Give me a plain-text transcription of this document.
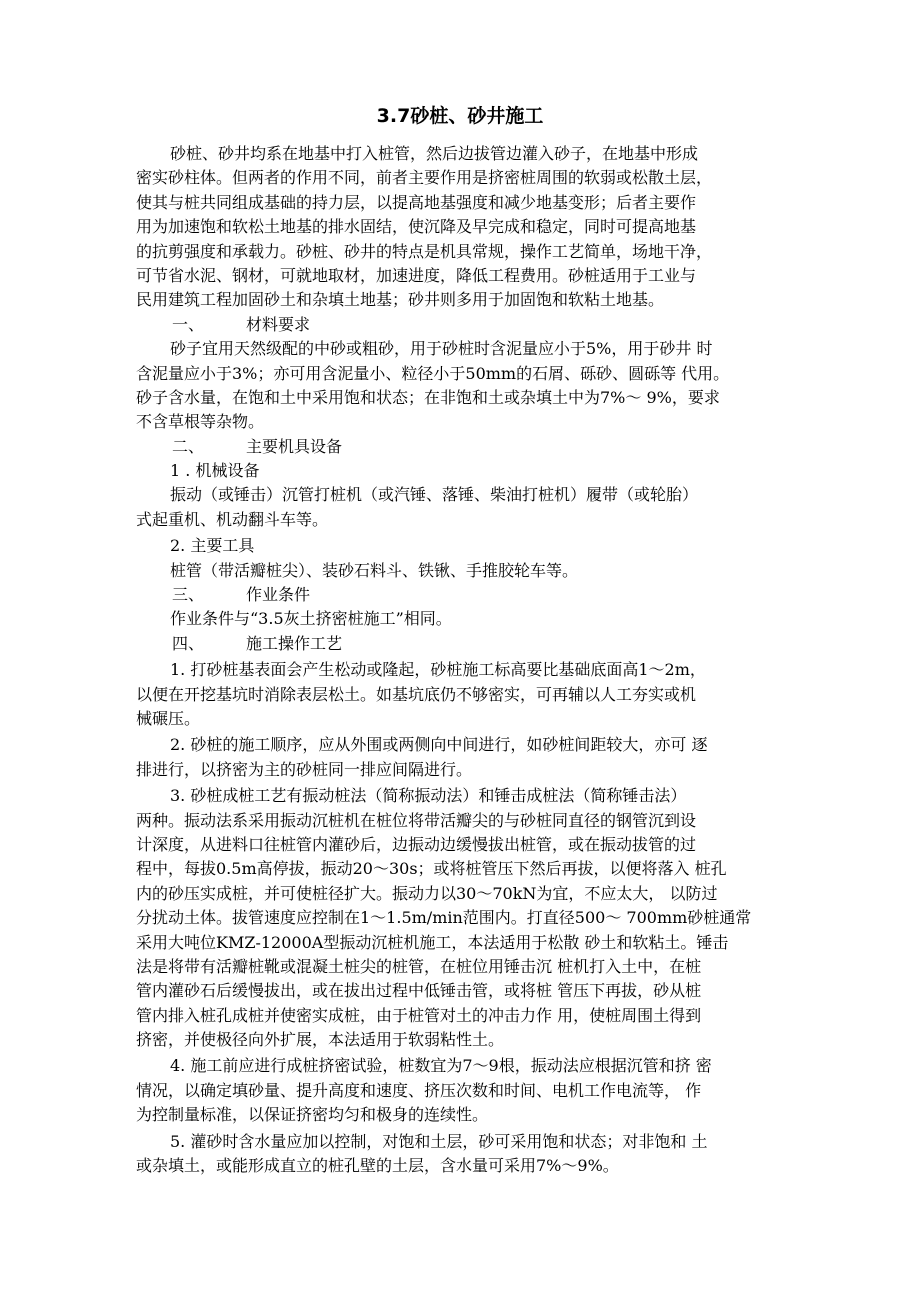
3.7砂桩、砂井施工
砂桩、砂井均系在地基中打入桩管，然后边拔管边灌入砂子，在地基中形成
密实砂柱体。但两者的作用不同，前者主要作用是挤密桩周围的软弱或松散土层，
使其与桩共同组成基础的持力层，以提高地基强度和减少地基变形；后者主要作
用为加速饱和软松土地基的排水固结，使沉降及早完成和稳定，同时可提高地基
的抗剪强度和承载力。砂桩、砂井的特点是机具常规，操作工艺简单，场地干净，
可节省水泥、钢材，可就地取材，加速进度，降低工程费用。砂桩适用于工业与
民用建筑工程加固砂土和杂填土地基；砂井则多用于加固饱和软粘土地基。
一、	材料要求
砂子宜用天然级配的中砂或粗砂，用于砂桩时含泥量应小于5%，用于砂井 时
含泥量应小于3%；亦可用含泥量小、粒径小于50mm的石屑、砾砂、圆砾等 代用。
砂子含水量，在饱和土中采用饱和状态；在非饱和土或杂填土中为7%～ 9%，要求
不含草根等杂物。
二、	主要机具设备
1 . 机械设备
振动（或锤击）沉管打桩机（或汽锤、落锤、柴油打桩机）履带（或轮胎）
式起重机、机动翻斗车等。
2. 主要工具
桩管（带活瓣桩尖）、装砂石料斗、铁锹、手推胶轮车等。
三、	作业条件
作业条件与“3.5灰土挤密桩施工”相同。
四、	施工操作工艺
1. 打砂桩基表面会产生松动或隆起，砂桩施工标高要比基础底面高1～2m，
以便在开挖基坑时消除表层松土。如基坑底仍不够密实，可再辅以人工夯实或机
械碾压。
2. 砂桩的施工顺序，应从外围或两侧向中间进行，如砂桩间距较大，亦可 逐
排进行，以挤密为主的砂桩同一排应间隔进行。
3. 砂桩成桩工艺有振动桩法（简称振动法）和锤击成桩法（简称锤击法）
两种。振动法系采用振动沉桩机在桩位将带活瓣尖的与砂桩同直径的钢管沉到设
计深度，从进料口往桩管内灌砂后，边振动边缓慢拔出桩管，或在振动拔管的过
程中，每拔0.5m高停拔，振动20～30s；或将桩管压下然后再拔，以便将落入 桩孔
内的砂压实成桩，并可使桩径扩大。振动力以30～70kN为宜，不应太大， 以防过
分扰动土体。拔管速度应控制在1～1.5m/min范围内。打直径500～ 700mm砂桩通常
采用大吨位KMZ-12000A型振动沉桩机施工，本法适用于松散 砂土和软粘土。锤击
法是将带有活瓣桩靴或混凝土桩尖的桩管，在桩位用锤击沉 桩机打入土中，在桩
管内灌砂石后缓慢拔出，或在拔出过程中低锤击管，或将桩 管压下再拔，砂从桩
管内排入桩孔成桩并使密实成桩，由于桩管对土的冲击力作 用，使桩周围土得到
挤密，并使极径向外扩展，本法适用于软弱粘性土。
4. 施工前应进行成桩挤密试验，桩数宜为7～9根，振动法应根据沉管和挤 密
情况，以确定填砂量、提升高度和速度、挤压次数和时间、电机工作电流等， 作
为控制量标准，以保证挤密均匀和极身的连续性。
5. 灌砂时含水量应加以控制，对饱和土层，砂可采用饱和状态；对非饱和 土
或杂填土，或能形成直立的桩孔壁的土层，含水量可采用7%～9%。
